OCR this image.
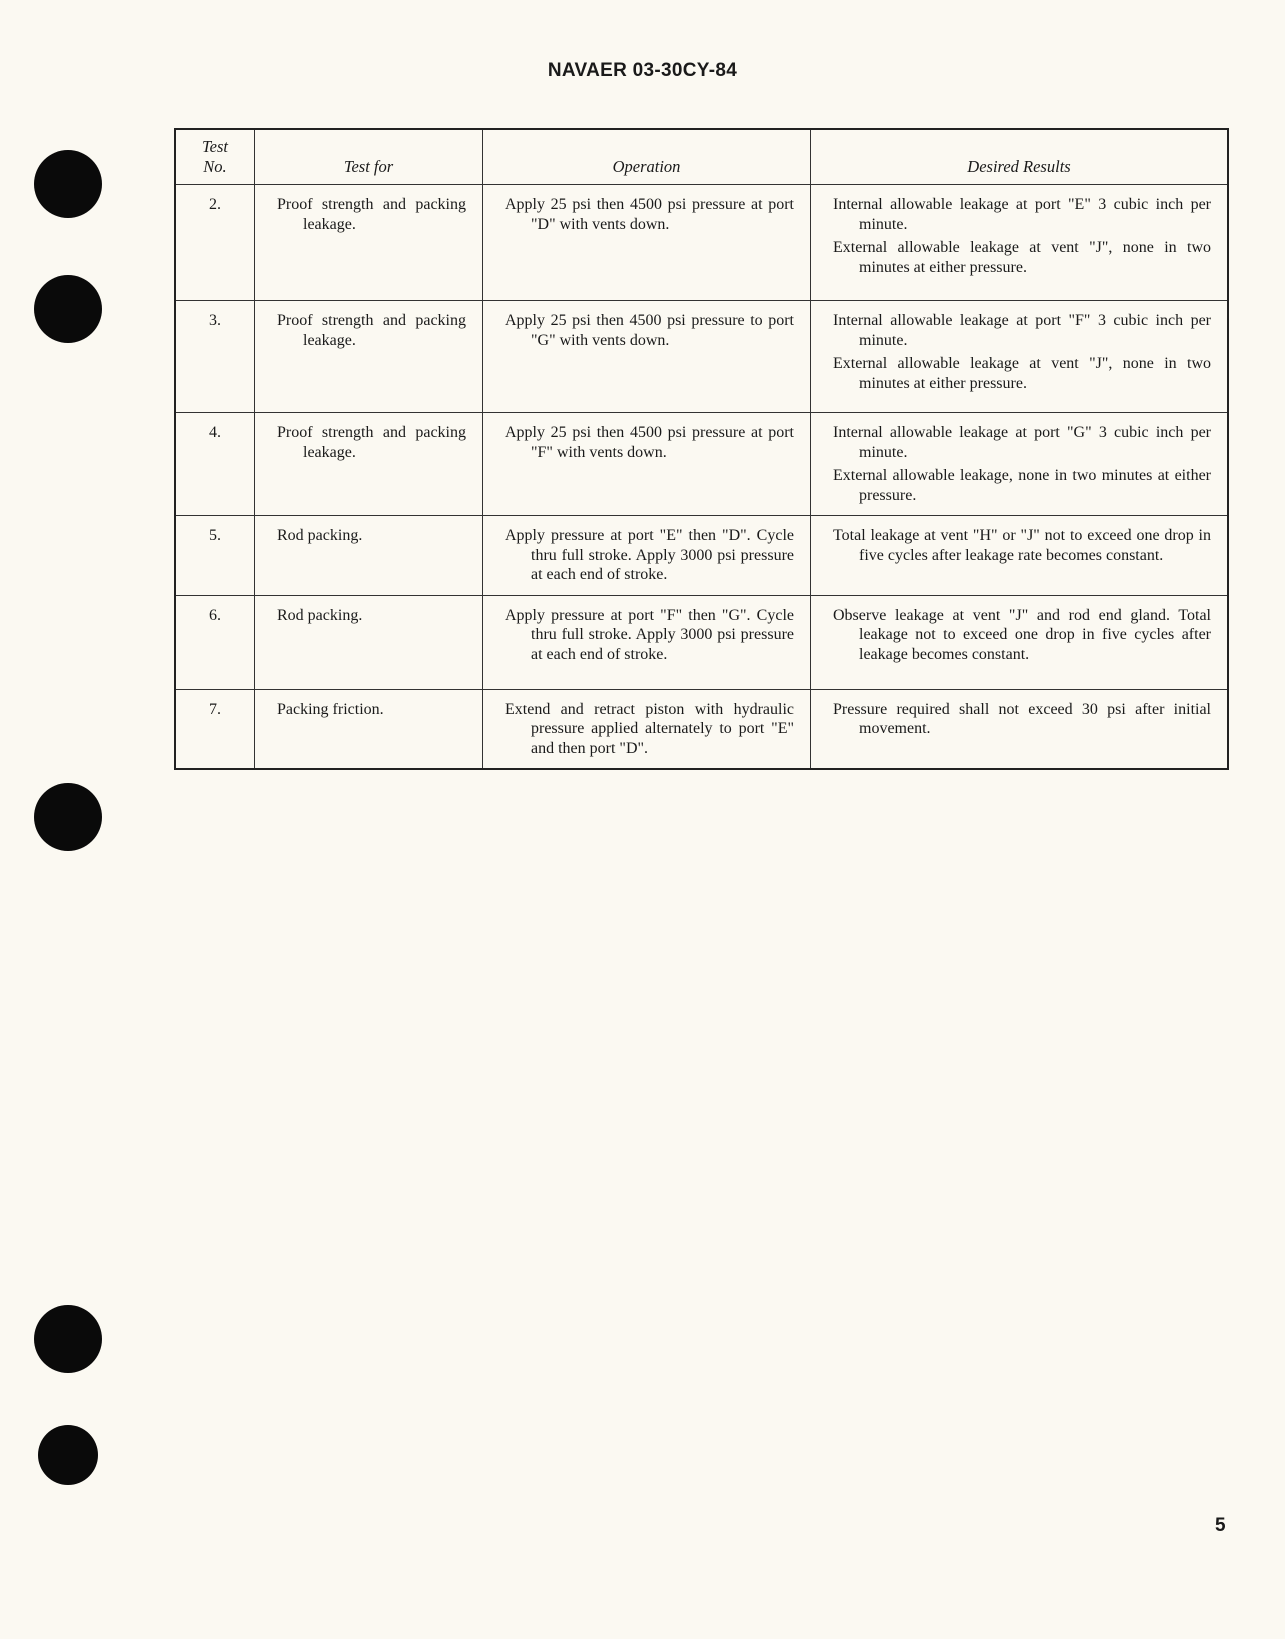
NAVAER 03-30CY-84
Test
No.	Test for	Operation	Desired Results
2.	Proof strength and packing leakage.	Apply 25 psi then 4500 psi pressure at port "D" with vents down.	Internal allowable leakage at port "E" 3 cubic inch per minute.
External allowable leakage at vent "J", none in two minutes at either pressure.

3.	Proof strength and packing leakage.	Apply 25 psi then 4500 psi pressure to port "G" with vents down.	Internal allowable leakage at port "F" 3 cubic inch per minute.
External allowable leakage at vent "J", none in two minutes at either pressure.

4.	Proof strength and packing leakage.	Apply 25 psi then 4500 psi pressure at port "F" with vents down.	Internal allowable leakage at port "G" 3 cubic inch per minute.
External allowable leakage, none in two minutes at either pressure.

5.	Rod packing.	Apply pressure at port "E" then "D". Cycle thru full stroke. Apply 3000 psi pressure at each end of stroke.	Total leakage at vent "H" or "J" not to exceed one drop in five cycles after leakage rate becomes constant.

6.	Rod packing.	Apply pressure at port "F" then "G". Cycle thru full stroke. Apply 3000 psi pressure at each end of stroke.	Observe leakage at vent "J" and rod end gland. Total leakage not to exceed one drop in five cycles after leakage becomes constant.

7.	Packing friction.	Extend and retract piston with hydraulic pressure applied alternately to port "E" and then port "D".	Pressure required shall not exceed 30 psi after initial movement.
5
